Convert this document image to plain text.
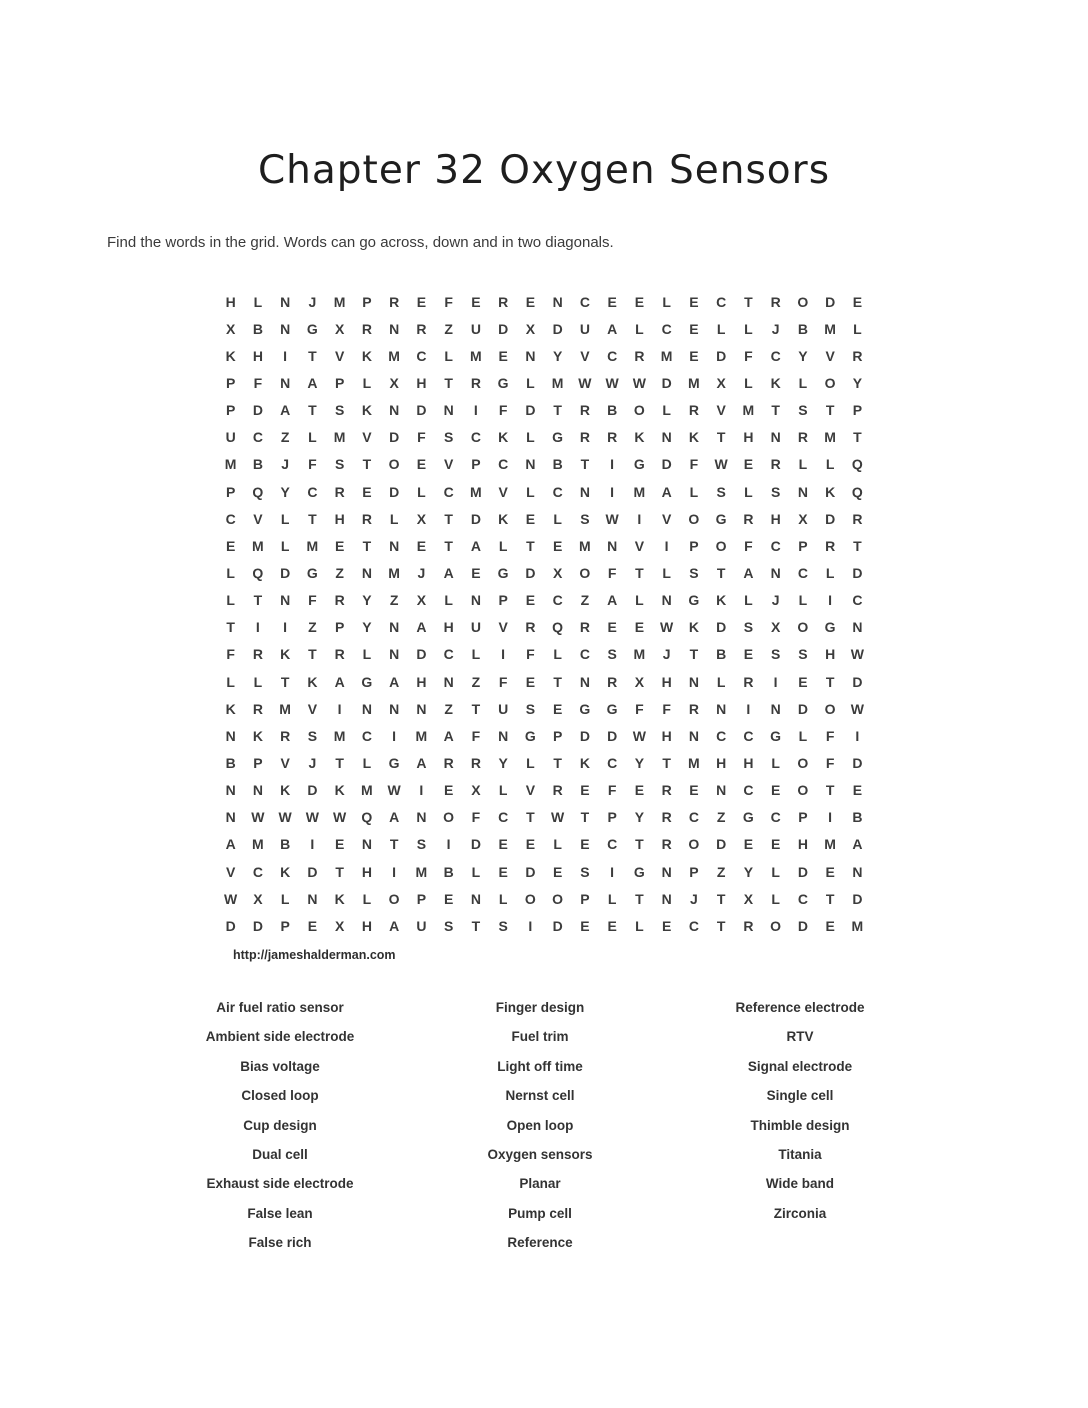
Chapter 32 Oxygen Sensors

Find the words in the grid. Words can go across, down and in two diagonals.

H	L	N	J	M	P	R	E	F	E	R	E	N	C	E	E	L	E	C	T	R	O	D	E
X	B	N	G	X	R	N	R	Z	U	D	X	D	U	A	L	C	E	L	L	J	B	M	L
K	H	I	T	V	K	M	C	L	M	E	N	Y	V	C	R	M	E	D	F	C	Y	V	R
P	F	N	A	P	L	X	H	T	R	G	L	M	W	W	W	D	M	X	L	K	L	O	Y
P	D	A	T	S	K	N	D	N	I	F	D	T	R	B	O	L	R	V	M	T	S	T	P
U	C	Z	L	M	V	D	F	S	C	K	L	G	R	R	K	N	K	T	H	N	R	M	T
M	B	J	F	S	T	O	E	V	P	C	N	B	T	I	G	D	F	W	E	R	L	L	Q
P	Q	Y	C	R	E	D	L	C	M	V	L	C	N	I	M	A	L	S	L	S	N	K	Q
C	V	L	T	H	R	L	X	T	D	K	E	L	S	W	I	V	O	G	R	H	X	D	R
E	M	L	M	E	T	N	E	T	A	L	T	E	M	N	V	I	P	O	F	C	P	R	T
L	Q	D	G	Z	N	M	J	A	E	G	D	X	O	F	T	L	S	T	A	N	C	L	D
L	T	N	F	R	Y	Z	X	L	N	P	E	C	Z	A	L	N	G	K	L	J	L	I	C
T	I	I	Z	P	Y	N	A	H	U	V	R	Q	R	E	E	W	K	D	S	X	O	G	N
F	R	K	T	R	L	N	D	C	L	I	F	L	C	S	M	J	T	B	E	S	S	H	W
L	L	T	K	A	G	A	H	N	Z	F	E	T	N	R	X	H	N	L	R	I	E	T	D
K	R	M	V	I	N	N	N	Z	T	U	S	E	G	G	F	F	R	N	I	N	D	O	W
N	K	R	S	M	C	I	M	A	F	N	G	P	D	D	W	H	N	C	C	G	L	F	I
B	P	V	J	T	L	G	A	R	R	Y	L	T	K	C	Y	T	M	H	H	L	O	F	D
N	N	K	D	K	M	W	I	E	X	L	V	R	E	F	E	R	E	N	C	E	O	T	E
N	W	W	W	W	Q	A	N	O	F	C	T	W	T	P	Y	R	C	Z	G	C	P	I	B
A	M	B	I	E	N	T	S	I	D	E	E	L	E	C	T	R	O	D	E	E	H	M	A
V	C	K	D	T	H	I	M	B	L	E	D	E	S	I	G	N	P	Z	Y	L	D	E	N
W	X	L	N	K	L	O	P	E	N	L	O	O	P	L	T	N	J	T	X	L	C	T	D
D	D	P	E	X	H	A	U	S	T	S	I	D	E	E	L	E	C	T	R	O	D	E	M
http://jameshalderman.com
Air fuel ratio sensor
Ambient side electrode
Bias voltage
Closed loop
Cup design
Dual cell
Exhaust side electrode
False lean
False rich
Finger design
Fuel trim
Light off time
Nernst cell
Open loop
Oxygen sensors
Planar
Pump cell
Reference
Reference electrode
RTV
Signal electrode
Single cell
Thimble design
Titania
Wide band
Zirconia
